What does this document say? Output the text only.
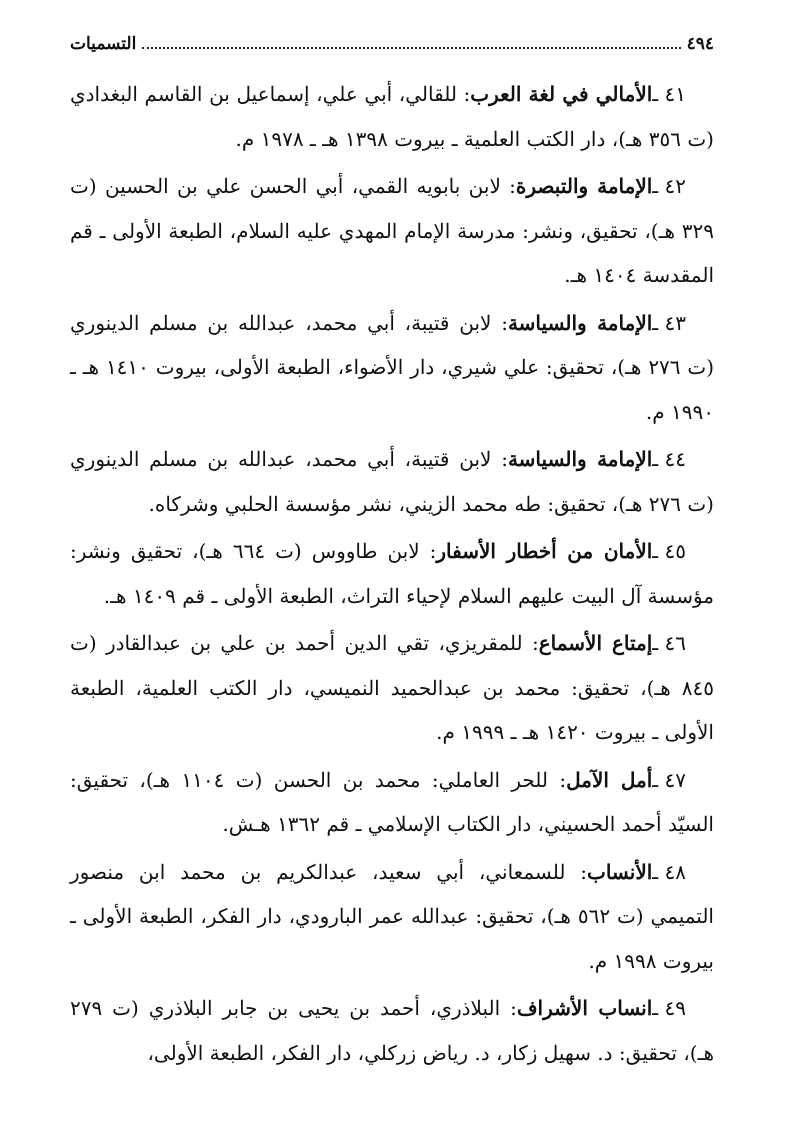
٤٩٤
التسميات

٤١ ـالأمالي في لغة العرب: للقالي، أبي علي، إسماعيل بن القاسم البغدادي (ت ٣٥٦ هـ)، دار الكتب العلمية ـ بيروت ١٣٩٨ هـ ـ ١٩٧٨ م.

٤٢ ـالإمامة والتبصرة: لابن بابويه القمي، أبي الحسن علي بن الحسين (ت ٣٢٩ هـ)، تحقيق، ونشر: مدرسة الإمام المهدي عليه السلام، الطبعة الأولى ـ قم المقدسة ١٤٠٤ هـ.

٤٣ ـالإمامة والسياسة: لابن قتيبة، أبي محمد، عبدالله بن مسلم الدينوري (ت ٢٧٦ هـ)، تحقيق: علي شيري، دار الأضواء، الطبعة الأولى، بيروت ١٤١٠ هـ ـ ١٩٩٠ م.

٤٤ ـالإمامة والسياسة: لابن قتيبة، أبي محمد، عبدالله بن مسلم الدينوري (ت ٢٧٦ هـ)، تحقيق: طه محمد الزيني، نشر مؤسسة الحلبي وشركاه.

٤٥ ـالأمان من أخطار الأسفار: لابن طاووس (ت ٦٦٤ هـ)، تحقيق ونشر: مؤسسة آل البيت عليهم السلام لإحياء التراث، الطبعة الأولى ـ قم ١٤٠٩ هـ.

٤٦ ـإمتاع الأسماع: للمقريزي، تقي الدين أحمد بن علي بن عبدالقادر (ت ٨٤٥ هـ)، تحقيق: محمد بن عبدالحميد النميسي، دار الكتب العلمية، الطبعة الأولى ـ بيروت ١٤٢٠ هـ ـ ١٩٩٩ م.

٤٧ ـأمل الآمل: للحر العاملي: محمد بن الحسن (ت ١١٠٤ هـ)، تحقيق: السيّد أحمد الحسيني، دار الكتاب الإسلامي ـ قم ١٣٦٢ هـش.

٤٨ ـالأنساب: للسمعاني، أبي سعيد، عبدالكريم بن محمد ابن منصور التميمي (ت ٥٦٢ هـ)، تحقيق: عبدالله عمر البارودي، دار الفكر، الطبعة الأولى ـ بيروت ١٩٩٨ م.

٤٩ ـانساب الأشراف: البلاذري، أحمد بن يحيى بن جابر البلاذري (ت ٢٧٩ هـ)، تحقيق: د. سهيل زكار، د. رياض زركلي، دار الفكر، الطبعة الأولى،
